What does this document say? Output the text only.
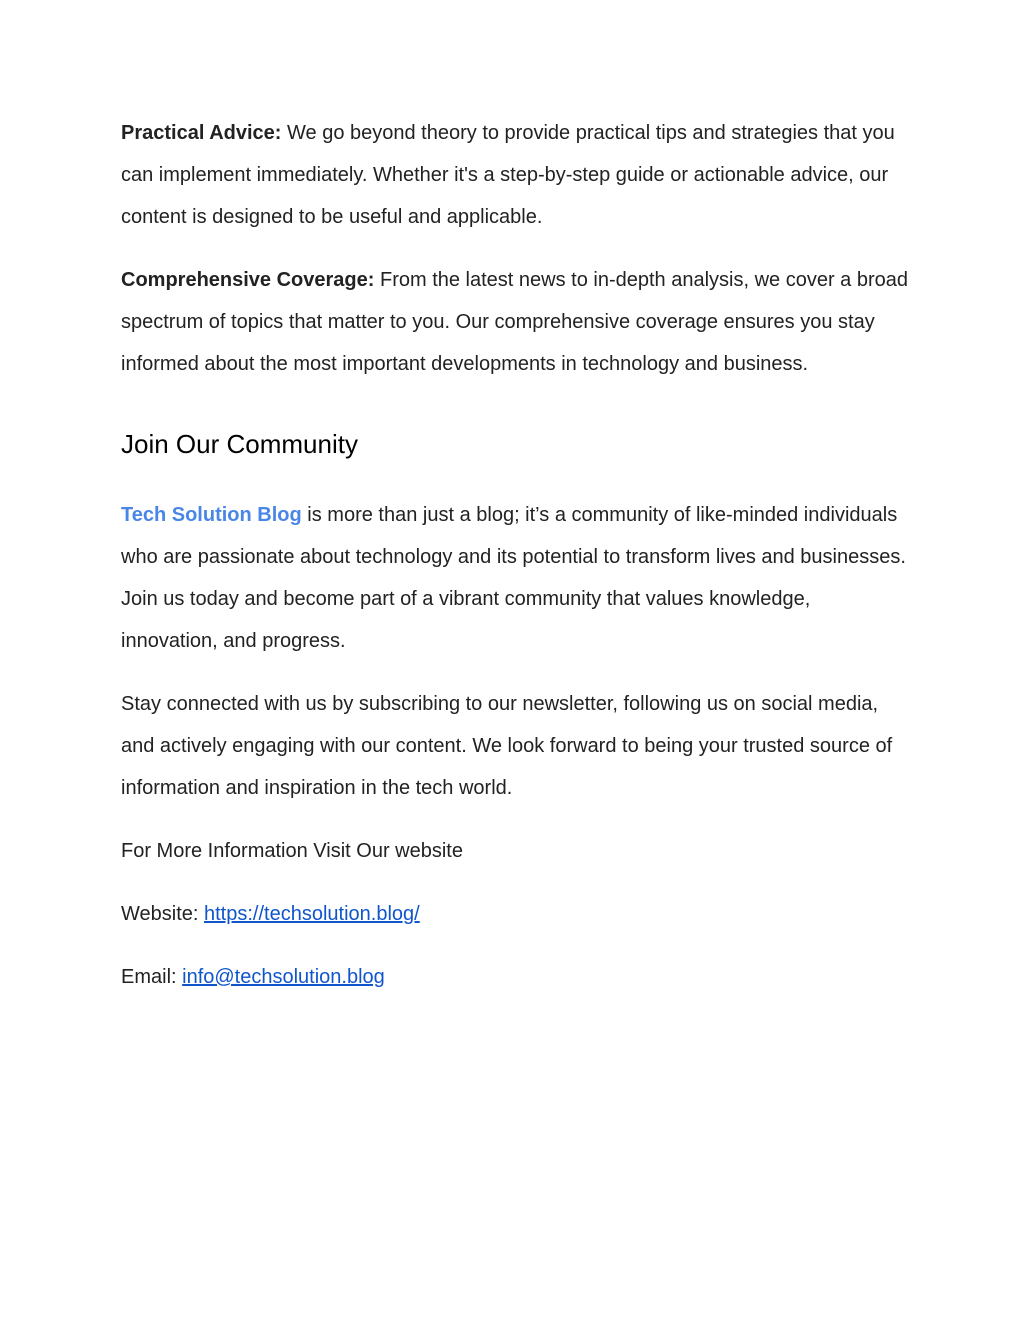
Practical Advice: We go beyond theory to provide practical tips and strategies that you can implement immediately. Whether it's a step-by-step guide or actionable advice, our content is designed to be useful and applicable.

Comprehensive Coverage: From the latest news to in-depth analysis, we cover a broad spectrum of topics that matter to you. Our comprehensive coverage ensures you stay informed about the most important developments in technology and business.

Join Our Community

Tech Solution Blog is more than just a blog; it’s a community of like-minded individuals who are passionate about technology and its potential to transform lives and businesses. Join us today and become part of a vibrant community that values knowledge, innovation, and progress.

Stay connected with us by subscribing to our newsletter, following us on social media, and actively engaging with our content. We look forward to being your trusted source of information and inspiration in the tech world.

For More Information Visit Our website

Website: https://techsolution.blog/

Email: info@techsolution.blog
